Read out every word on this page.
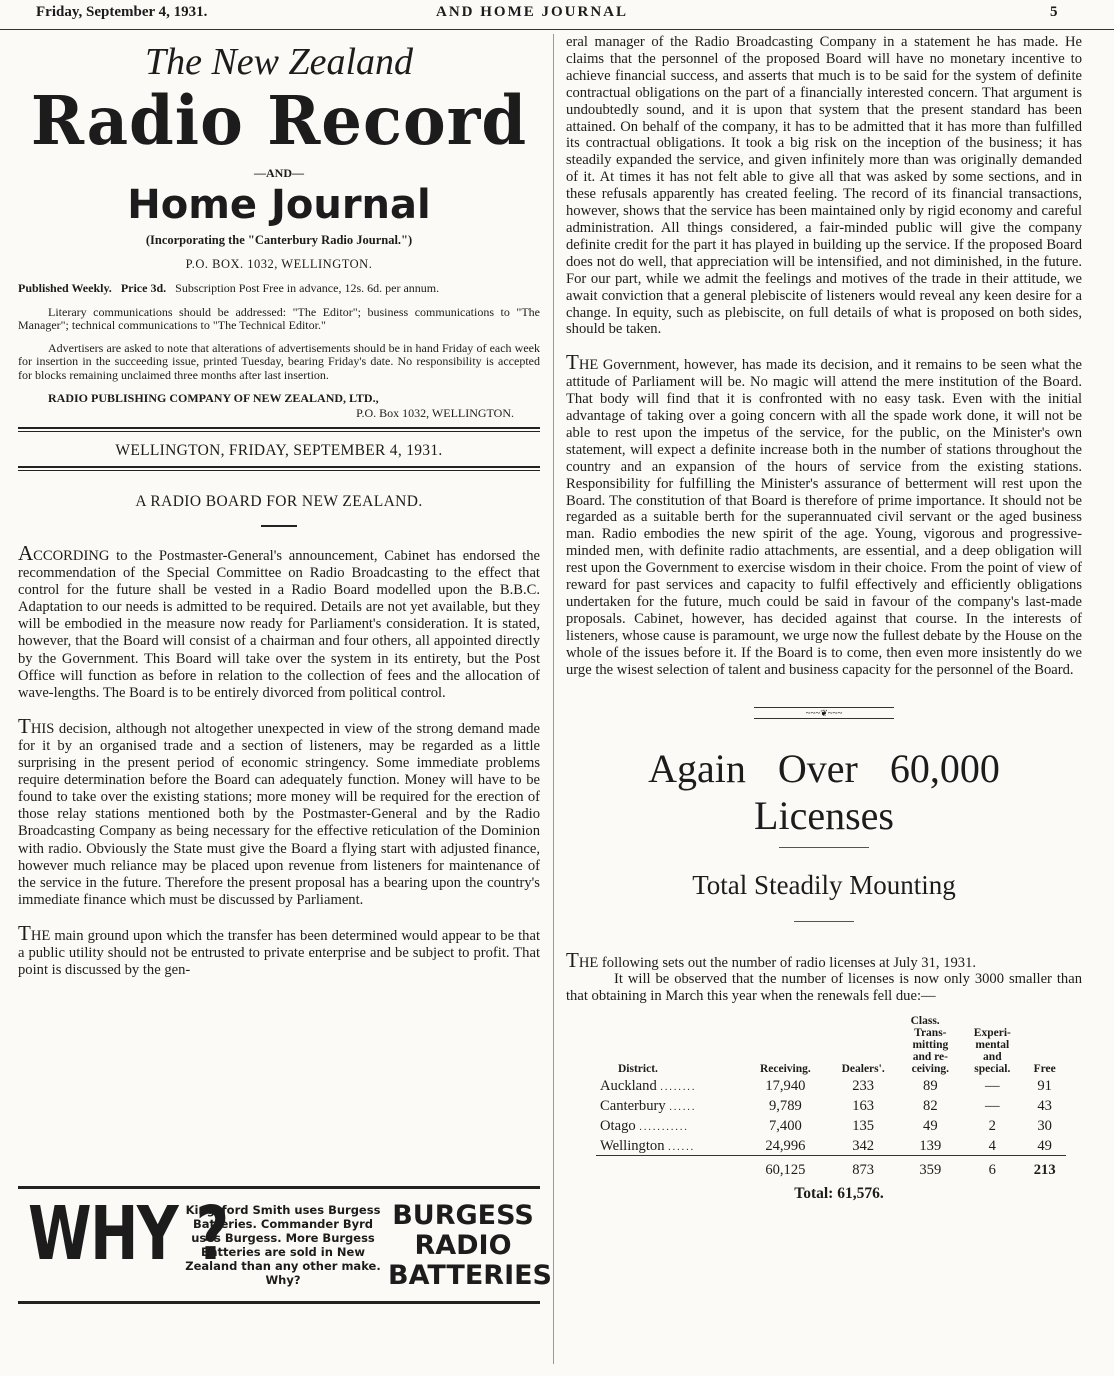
Friday, September 4, 1931.	AND HOME JOURNAL	5
The New Zealand
Radio Record
—AND—
Home Journal
(Incorporating the "Canterbury Radio Journal.")
P.O. BOX. 1032, WELLINGTON.
Published Weekly. Price 3d. Subscription Post Free in advance, 12s. 6d. per annum.
Literary communications should be addressed: "The Editor"; business communications to "The Manager"; technical communications to "The Technical Editor."
Advertisers are asked to note that alterations of advertisements should be in hand Friday of each week for insertion in the succeeding issue, printed Tuesday, bearing Friday's date. No responsibility is accepted for blocks remaining unclaimed three months after last insertion.
RADIO PUBLISHING COMPANY OF NEW ZEALAND, LTD.,
P.O. Box 1032, WELLINGTON.
WELLINGTON, FRIDAY, SEPTEMBER 4, 1931.
A RADIO BOARD FOR NEW ZEALAND.

ACCORDING to the Postmaster-General's announcement, Cabinet has endorsed the recommendation of the Special Committee on Radio Broadcasting to the effect that control for the future shall be vested in a Radio Board modelled upon the B.B.C. Adaptation to our needs is admitted to be required. Details are not yet available, but they will be embodied in the measure now ready for Parliament's consideration. It is stated, however, that the Board will consist of a chairman and four others, all appointed directly by the Government. This Board will take over the system in its entirety, but the Post Office will function as before in relation to the collection of fees and the allocation of wave-lengths. The Board is to be entirely divorced from political control.

THIS decision, although not altogether unexpected in view of the strong demand made for it by an organised trade and a section of listeners, may be regarded as a little surprising in the present period of economic stringency. Some immediate problems require determination before the Board can adequately function. Money will have to be found to take over the existing stations; more money will be required for the erection of those relay stations mentioned both by the Postmaster-General and by the Radio Broadcasting Company as being necessary for the effective reticulation of the Dominion with radio. Obviously the State must give the Board a flying start with adjusted finance, however much reliance may be placed upon revenue from listeners for maintenance of the service in the future. Therefore the present proposal has a bearing upon the country's immediate finance which must be discussed by Parliament.

THE main ground upon which the transfer has been determined would appear to be that a public utility should not be entrusted to private enterprise and be subject to profit. That point is discussed by the gen-

WHY ?
Kingsford Smith uses Burgess Batteries. Commander Byrd uses Burgess. More Burgess Batteries are sold in New Zealand than any other make. Why?
BURGESS
RADIO
BATTERIES

eral manager of the Radio Broadcasting Company in a statement he has made. He claims that the personnel of the proposed Board will have no monetary incentive to achieve financial success, and asserts that much is to be said for the system of definite contractual obligations on the part of a financially interested concern. That argument is undoubtedly sound, and it is upon that system that the present standard has been attained. On behalf of the company, it has to be admitted that it has more than fulfilled its contractual obligations. It took a big risk on the inception of the business; it has steadily expanded the service, and given infinitely more than was originally demanded of it. At times it has not felt able to give all that was asked by some sections, and in these refusals apparently has created feeling. The record of its financial transactions, however, shows that the service has been maintained only by rigid economy and careful administration. All things considered, a fair-minded public will give the company definite credit for the part it has played in building up the service. If the proposed Board does not do well, that appreciation will be intensified, and not diminished, in the future. For our part, while we admit the feelings and motives of the trade in their attitude, we await conviction that a general plebiscite of listeners would reveal any keen desire for a change. In equity, such as plebiscite, on full details of what is proposed on both sides, should be taken.

THE Government, however, has made its decision, and it remains to be seen what the attitude of Parliament will be. No magic will attend the mere institution of the Board. That body will find that it is confronted with no easy task. Even with the initial advantage of taking over a going concern with all the spade work done, it will not be able to rest upon the impetus of the service, for the public, on the Minister's own statement, will expect a definite increase both in the number of stations throughout the country and an expansion of the hours of service from the existing stations. Responsibility for fulfilling the Minister's assurance of betterment will rest upon the Board. The constitution of that Board is therefore of prime importance. It should not be regarded as a suitable berth for the superannuated civil servant or the aged business man. Radio embodies the new spirit of the age. Young, vigorous and progressive-minded men, with definite radio attachments, are essential, and a deep obligation will rest upon the Government to exercise wisdom in their choice. From the point of view of reward for past services and capacity to fulfil effectively and efficiently obligations undertaken for the future, much could be said in favour of the company's last-made proposals. Cabinet, however, has decided against that course. In the interests of listeners, whose cause is paramount, we urge now the fullest debate by the House on the whole of the issues before it. If the Board is to come, then even more insistently do we urge the wisest selection of talent and business capacity for the personnel of the Board.

~~~❦~~~
Again Over 60,000 Licenses
Total Steadily Mounting

THE following sets out the number of radio licenses at July 31, 1931.

It will be observed that the number of licenses is now only 3000 smaller than that obtaining in March this year when the renewals fell due:—

		Class.			
District.	Receiving.	Dealers'.	Trans- mitting and re- ceiving.	Experi- mental and special.	Free
Auckland ........	17,940	233	89	—	91
Canterbury ......	9,789	163	82	—	43
Otago ...........	7,400	135	49	2	30
Wellington ......	24,996	342	139	4	49
	60,125	873	359	6	213
Total: 61,576.
